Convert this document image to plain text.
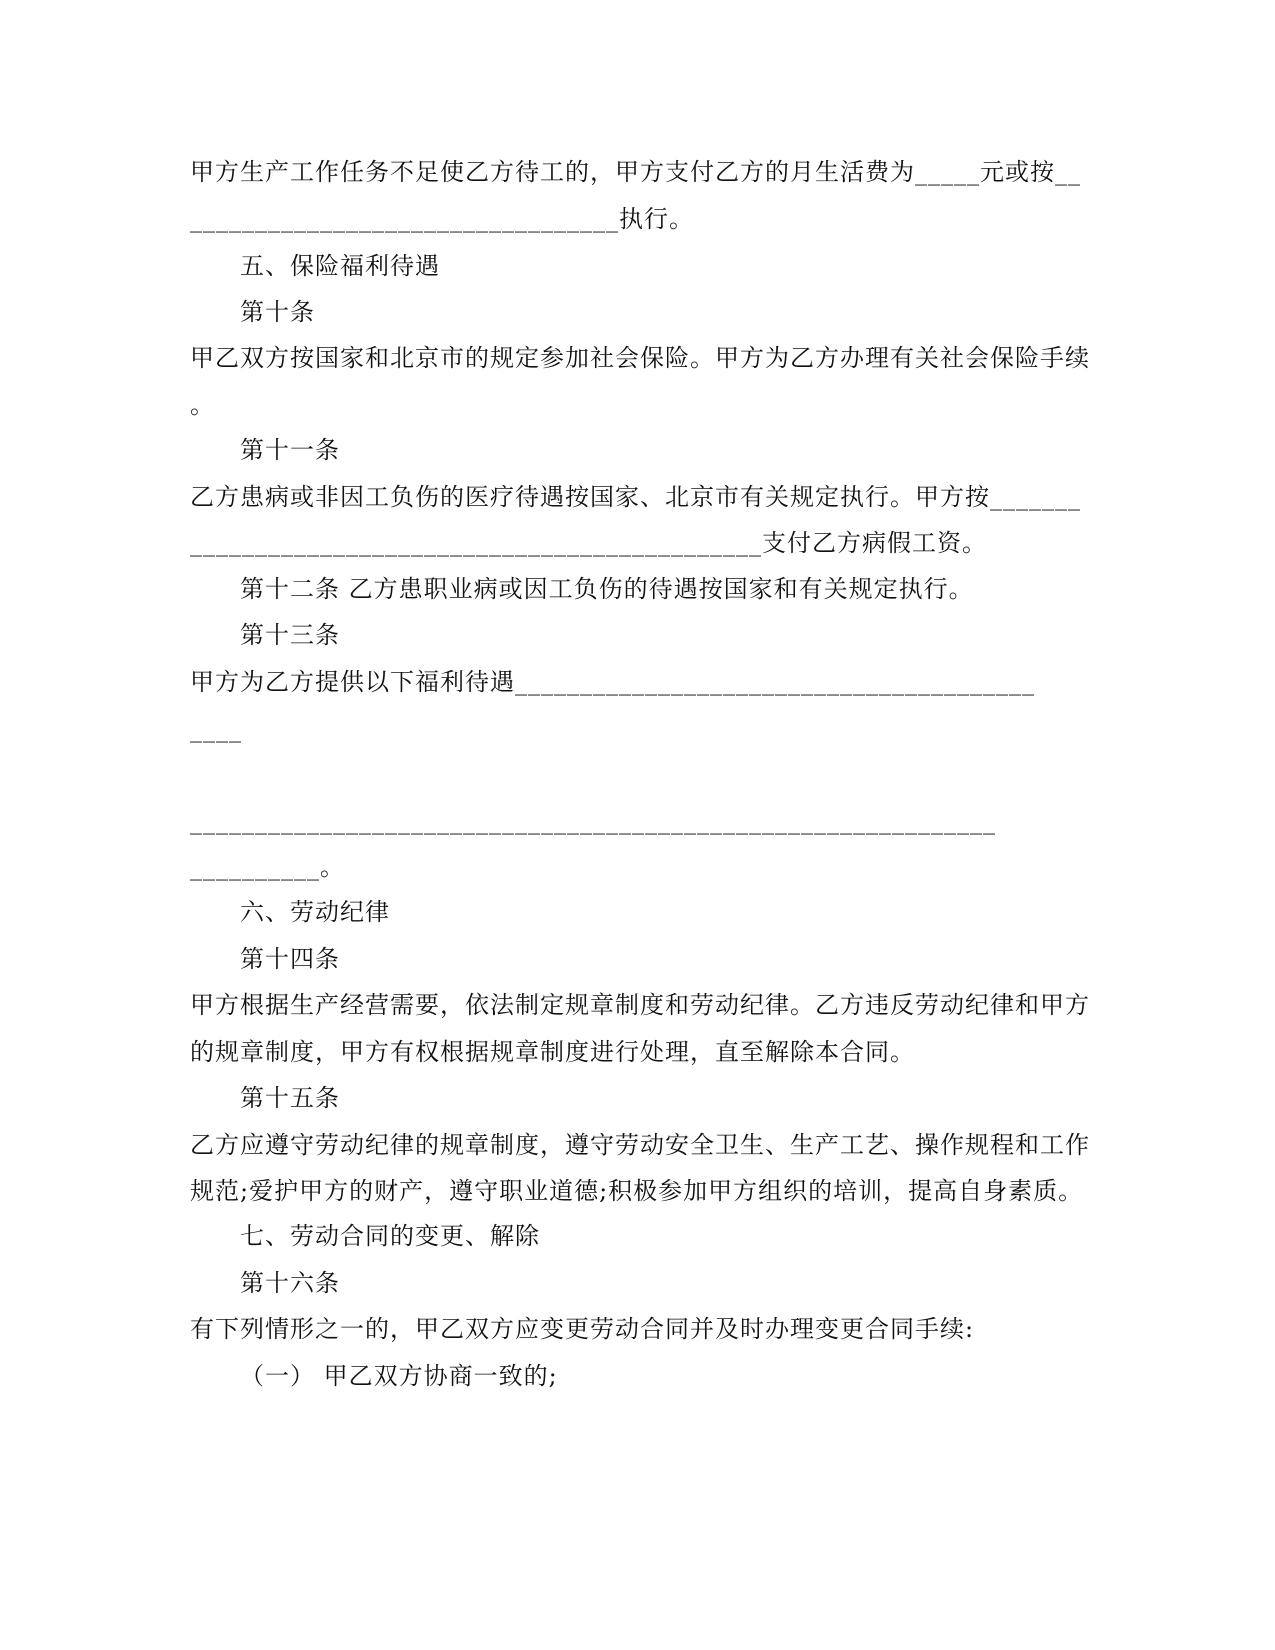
甲方生产工作任务不足使乙方待工的，甲方支付乙方的月生活费为_____元或按__
_________________________________执行。
五、保险福利待遇
第十条
甲乙双方按国家和北京市的规定参加社会保险。甲方为乙方办理有关社会保险手续
。
第十一条
乙方患病或非因工负伤的医疗待遇按国家、北京市有关规定执行。甲方按_______
____________________________________________支付乙方病假工资。
第十二条 乙方患职业病或因工负伤的待遇按国家和有关规定执行。
第十三条
甲方为乙方提供以下福利待遇________________________________________
____
______________________________________________________________
__________。
六、劳动纪律
第十四条
甲方根据生产经营需要，依法制定规章制度和劳动纪律。乙方违反劳动纪律和甲方
的规章制度，甲方有权根据规章制度进行处理，直至解除本合同。
第十五条
乙方应遵守劳动纪律的规章制度，遵守劳动安全卫生、生产工艺、操作规程和工作
规范;爱护甲方的财产，遵守职业道德;积极参加甲方组织的培训，提高自身素质。
七、劳动合同的变更、解除
第十六条
有下列情形之一的，甲乙双方应变更劳动合同并及时办理变更合同手续:
（一） 甲乙双方协商一致的;
